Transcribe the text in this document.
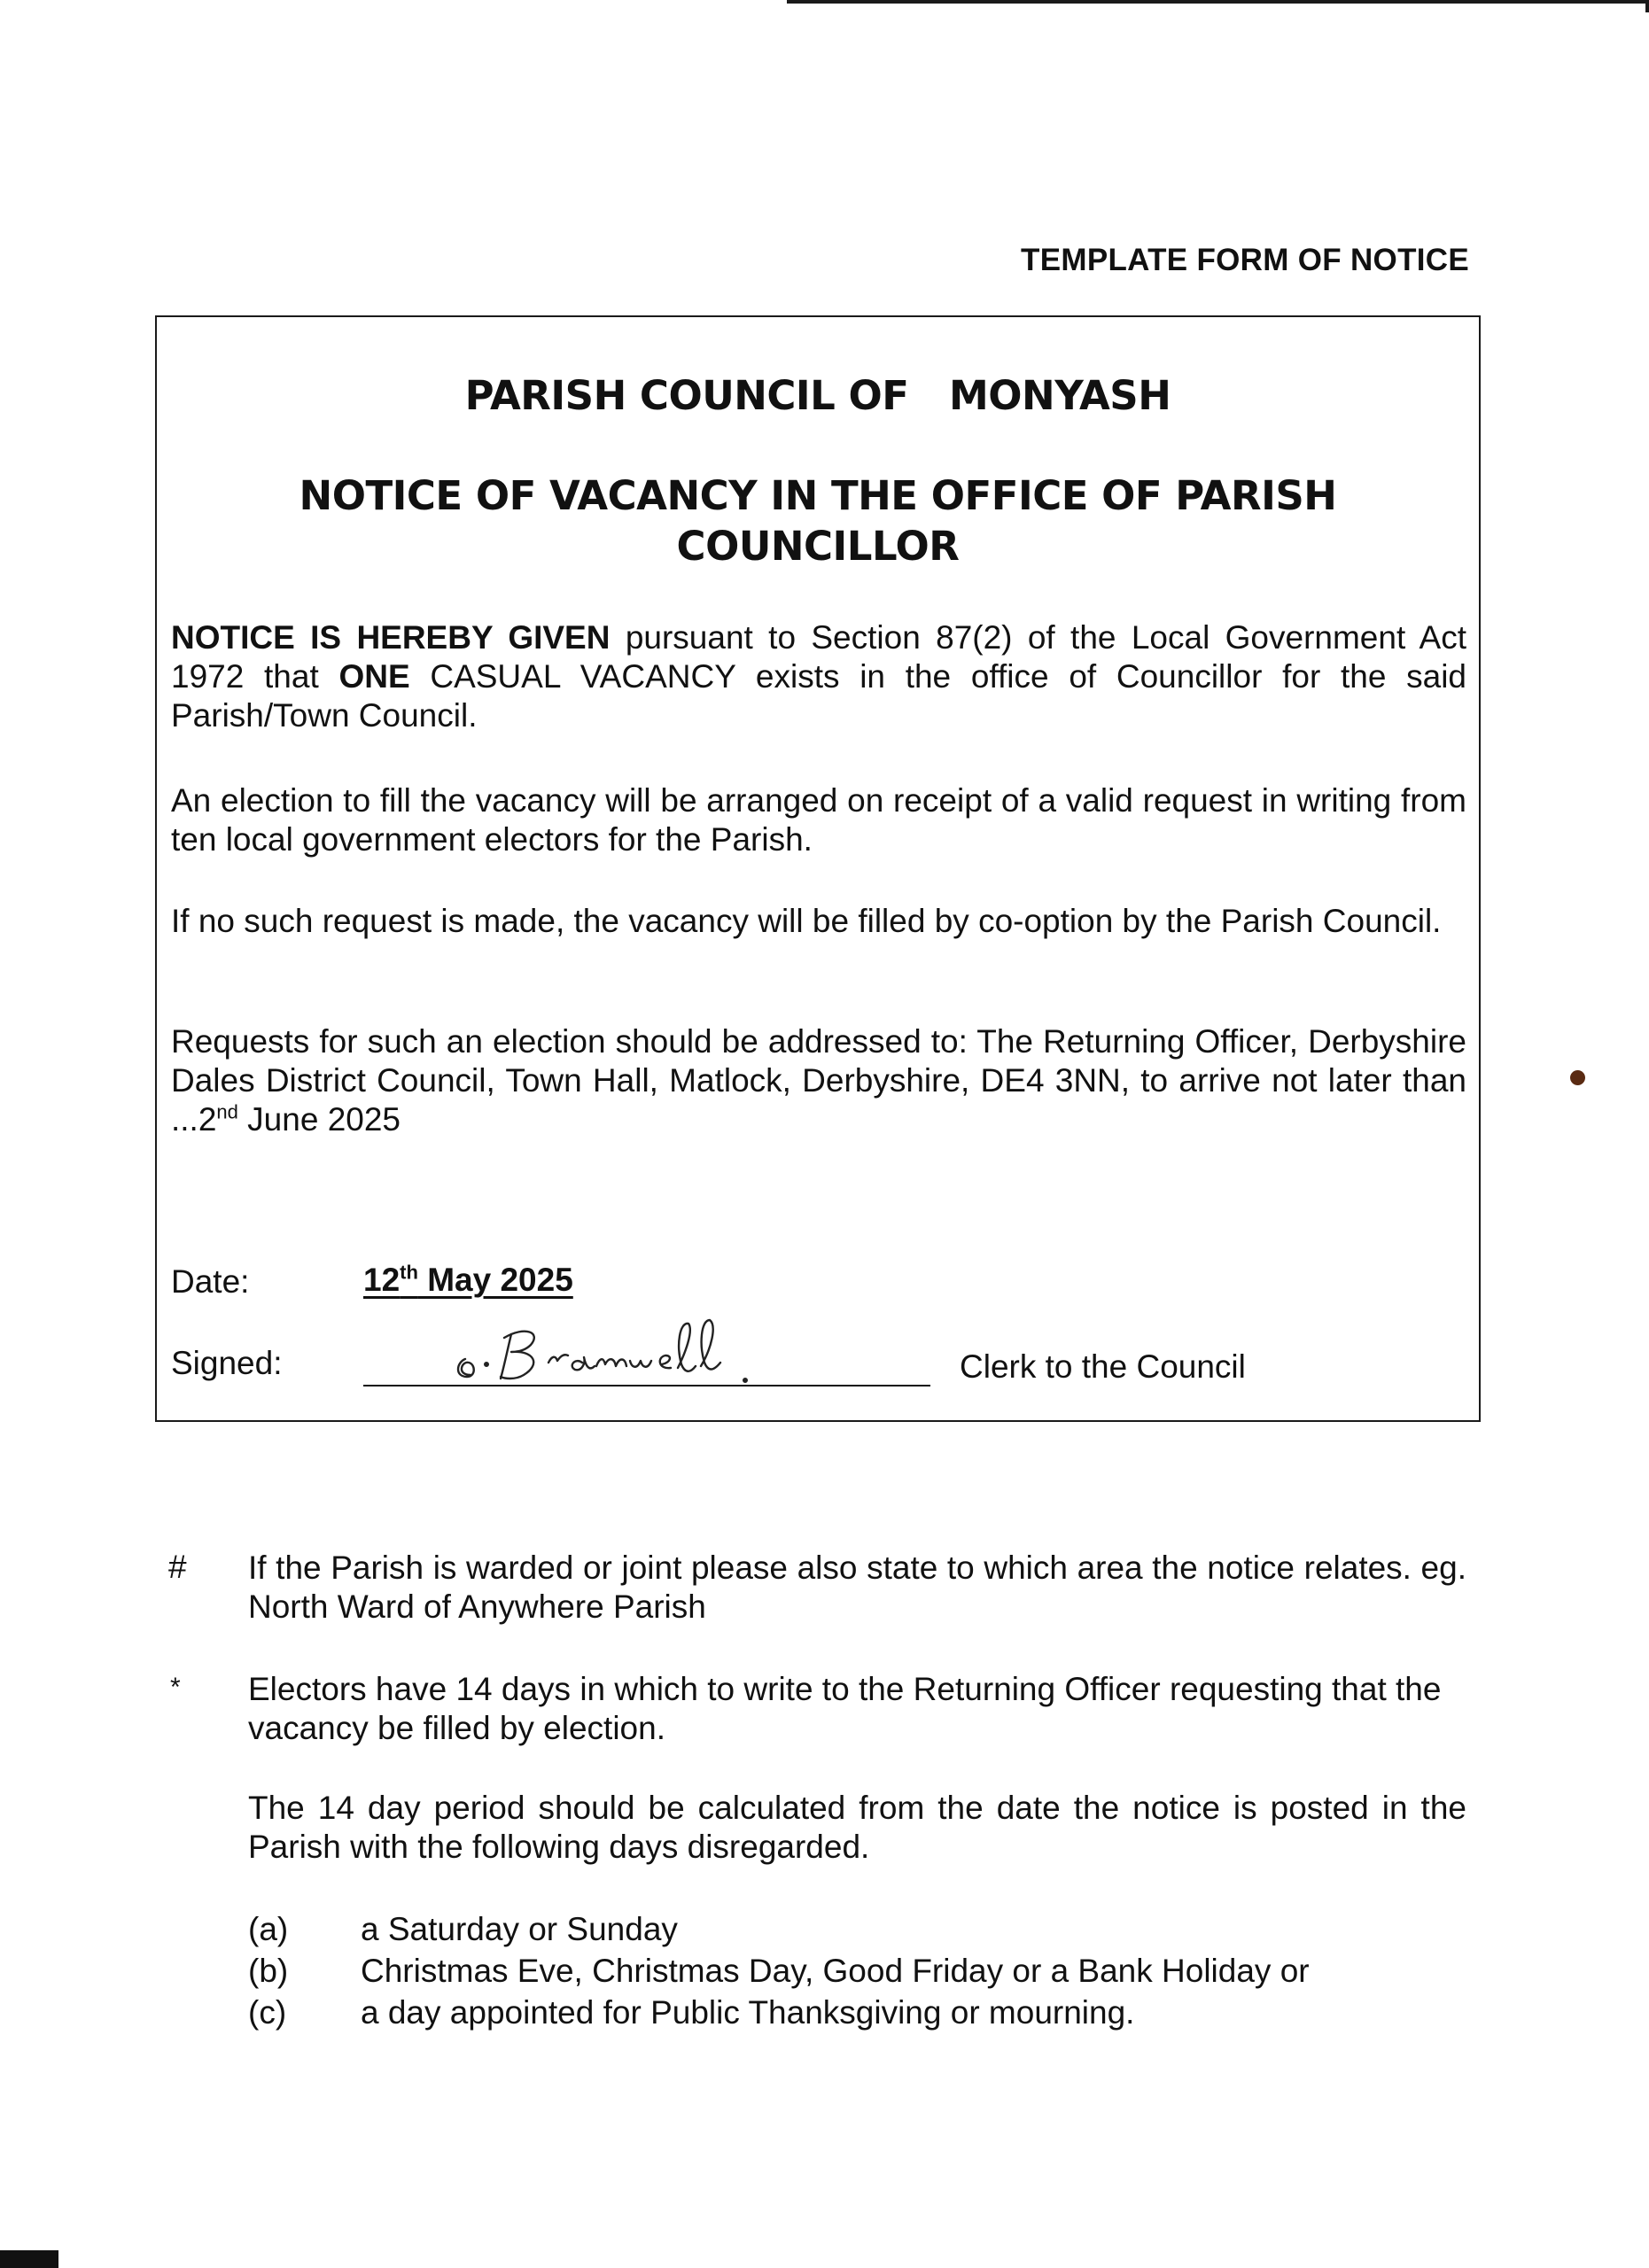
TEMPLATE FORM OF NOTICE
PARISH COUNCIL OF   MONYASH
NOTICE OF VACANCY IN THE OFFICE OF PARISH COUNCILLOR

NOTICE IS HEREBY GIVEN pursuant to Section 87(2) of the Local Government Act 1972 that ONE CASUAL VACANCY exists in the office of Councillor for the said Parish/Town Council.

An election to fill the vacancy will be arranged on receipt of a valid request in writing from ten local government electors for the Parish.

If no such request is made, the vacancy will be filled by co-option by the Parish Council.

Requests for such an election should be addressed to: The Returning Officer, Derbyshire Dales District Council, Town Hall, Matlock, Derbyshire, DE4 3NN, to arrive not later than ...2nd June 2025

Date:	12th May 2025
Signed:	Clerk to the Council
# If the Parish is warded or joint please also state to which area the notice relates. eg. North Ward of Anywhere Parish

* Electors have 14 days in which to write to the Returning Officer requesting that the vacancy be filled by election.

The 14 day period should be calculated from the date the notice is posted in the Parish with the following days disregarded.

(a) a Saturday or Sunday
(b) Christmas Eve, Christmas Day, Good Friday or a Bank Holiday or
(c) a day appointed for Public Thanksgiving or mourning.
